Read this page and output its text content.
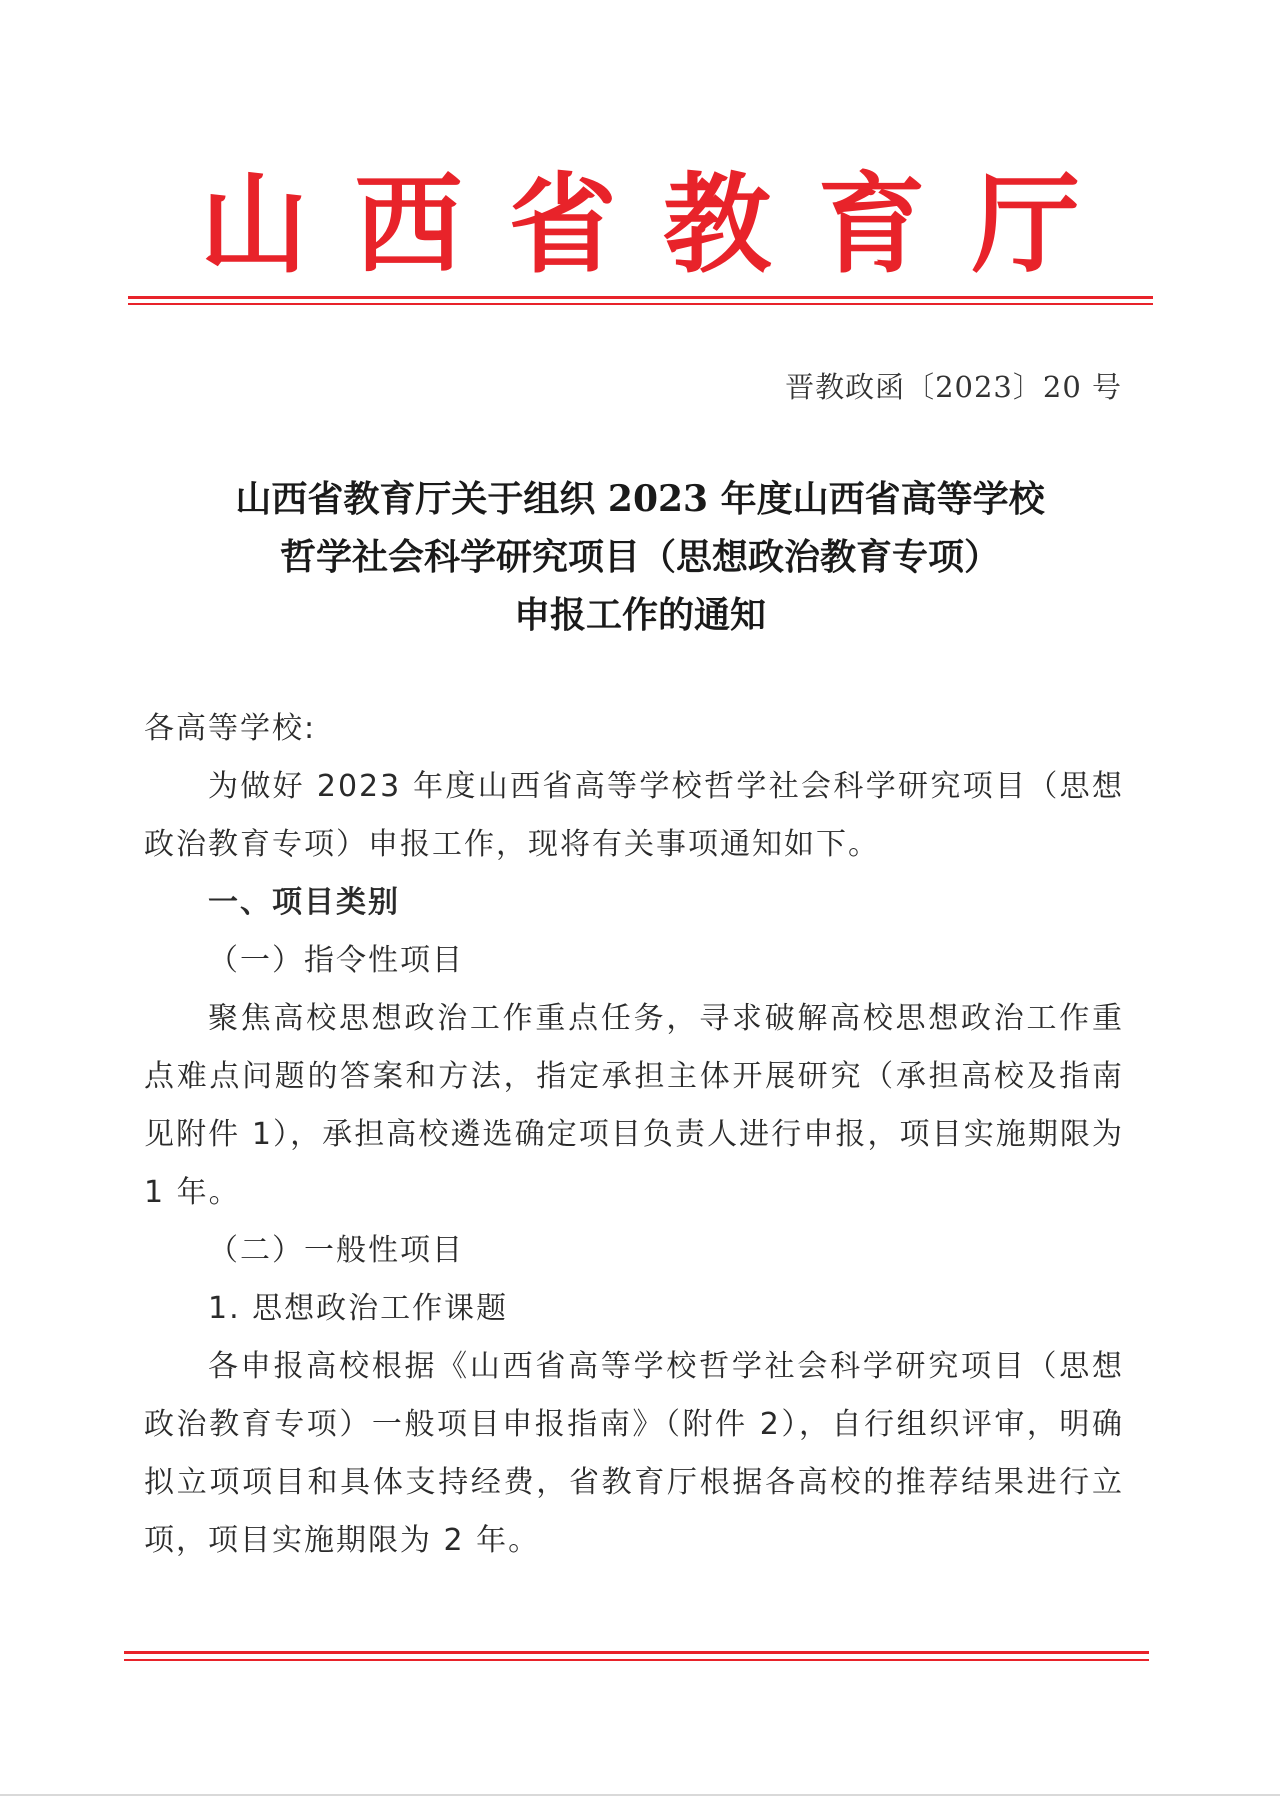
山 西 省 教 育 厅
晋教政函〔2023〕20 号
山西省教育厅关于组织 2023 年度山西省高等学校
哲学社会科学研究项目（思想政治教育专项）
申报工作的通知

各高等学校:

为做好 2023 年度山西省高等学校哲学社会科学研究项目（思想政治教育专项）申报工作，现将有关事项通知如下。

一、项目类别

（一）指令性项目

聚焦高校思想政治工作重点任务，寻求破解高校思想政治工作重点难点问题的答案和方法，指定承担主体开展研究（承担高校及指南见附件 1），承担高校遴选确定项目负责人进行申报，项目实施期限为 1 年。

（二）一般性项目

1. 思想政治工作课题

各申报高校根据《山西省高等学校哲学社会科学研究项目（思想政治教育专项）一般项目申报指南》（附件 2），自行组织评审，明确拟立项项目和具体支持经费，省教育厅根据各高校的推荐结果进行立项，项目实施期限为 2 年。
